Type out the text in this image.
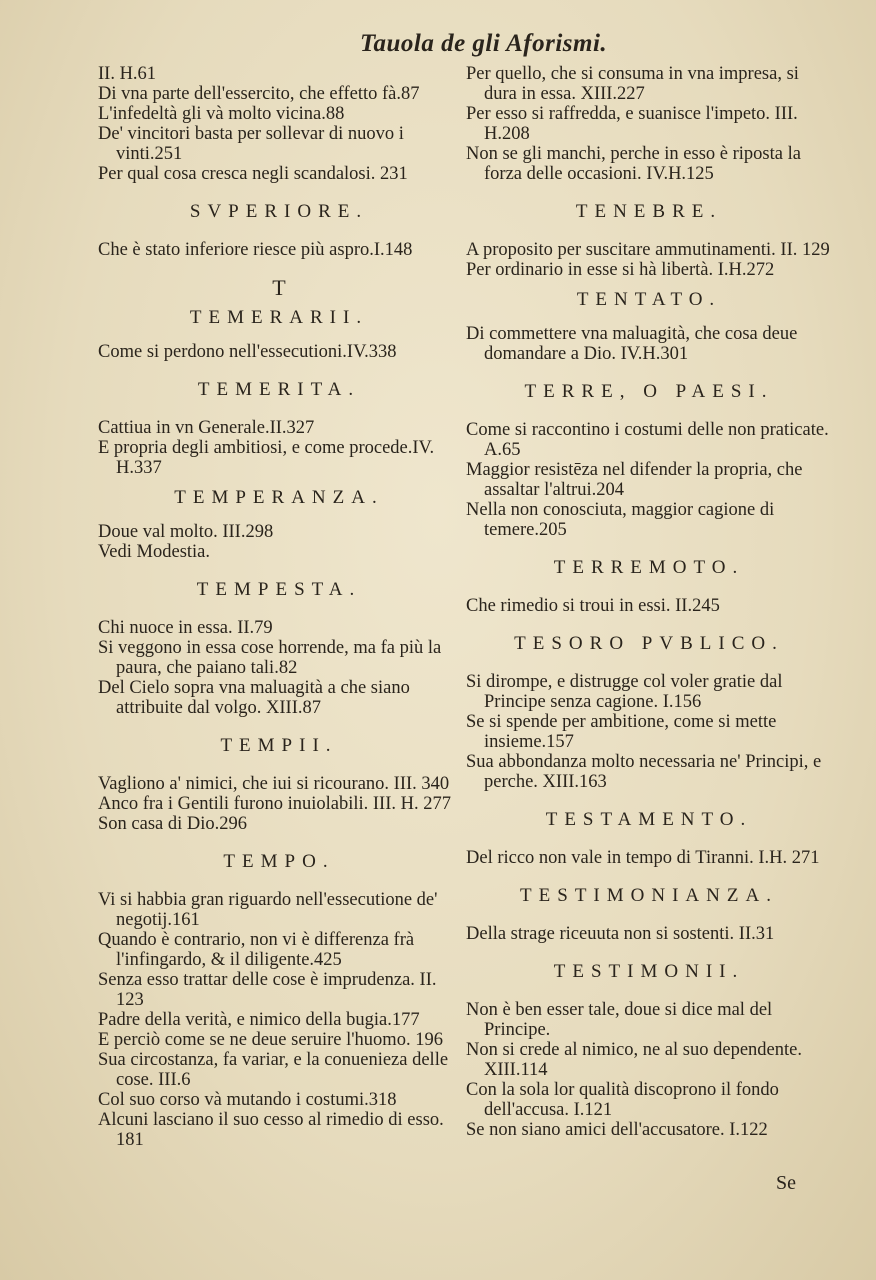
Tauola de gli Aforismi.
II. H.61
Di vna parte dell'essercito, che effetto fà.87
L'infedeltà gli và molto vicina.88
De' vincitori basta per sollevar di nuovo i vinti.251
Per qual cosa cresca negli scandalosi. 231
SVPERIORE.
Che è stato inferiore riesce più aspro.I.148
T
TEMERARII.
Come si perdono nell'essecutioni.IV.338
TEMERITA.
Cattiua in vn Generale.II.327
E propria degli ambitiosi, e come procede.IV. H.337
TEMPERANZA.
Doue val molto. III.298
Vedi Modestia.
TEMPESTA.
Chi nuoce in essa. II.79
Si veggono in essa cose horrende, ma fa più la paura, che paiano tali.82
Del Cielo sopra vna maluagità a che siano attribuite dal volgo. XIII.87
TEMPII.
Vagliono a' nimici, che iui si ricourano. III. 340
Anco fra i Gentili furono inuiolabili. III. H. 277
Son casa di Dio.296
TEMPO.
Vi si habbia gran riguardo nell'essecutione de' negotij.161
Quando è contrario, non vi è differenza frà l'infingardo, & il diligente.425
Senza esso trattar delle cose è imprudenza. II. 123
Padre della verità, e nimico della bugia.177
E perciò come se ne deue seruire l'huomo. 196
Sua circostanza, fa variar, e la conuenieza delle cose. III.6
Col suo corso và mutando i costumi.318
Alcuni lasciano il suo cesso al rimedio di esso. 181
Per quello, che si consuma in vna impresa, si dura in essa. XIII.227
Per esso si raffredda, e suanisce l'impeto. III. H.208
Non se gli manchi, perche in esso è riposta la forza delle occasioni. IV.H.125
TENEBRE.
A proposito per suscitare ammutinamenti. II. 129
Per ordinario in esse si hà libertà. I.H.272
TENTATO.
Di commettere vna maluagità, che cosa deue domandare a Dio. IV.H.301
TERRE, O PAESI.
Come si raccontino i costumi delle non praticate. A.65
Maggior resistēza nel difender la propria, che assaltar l'altrui.204
Nella non conosciuta, maggior cagione di temere.205
TERREMOTO.
Che rimedio si troui in essi. II.245
TESORO PVBLICO.
Si dirompe, e distrugge col voler gratie dal Principe senza cagione. I.156
Se si spende per ambitione, come si mette insieme.157
Sua abbondanza molto necessaria ne' Principi, e perche. XIII.163
TESTAMENTO.
Del ricco non vale in tempo di Tiranni. I.H. 271
TESTIMONIANZA.
Della strage riceuuta non si sostenti. II.31
TESTIMONII.
Non è ben esser tale, doue si dice mal del Principe.
Non si crede al nimico, ne al suo dependente. XIII.114
Con la sola lor qualità discoprono il fondo dell'accusa. I.121
Se non siano amici dell'accusatore. I.122
Se
